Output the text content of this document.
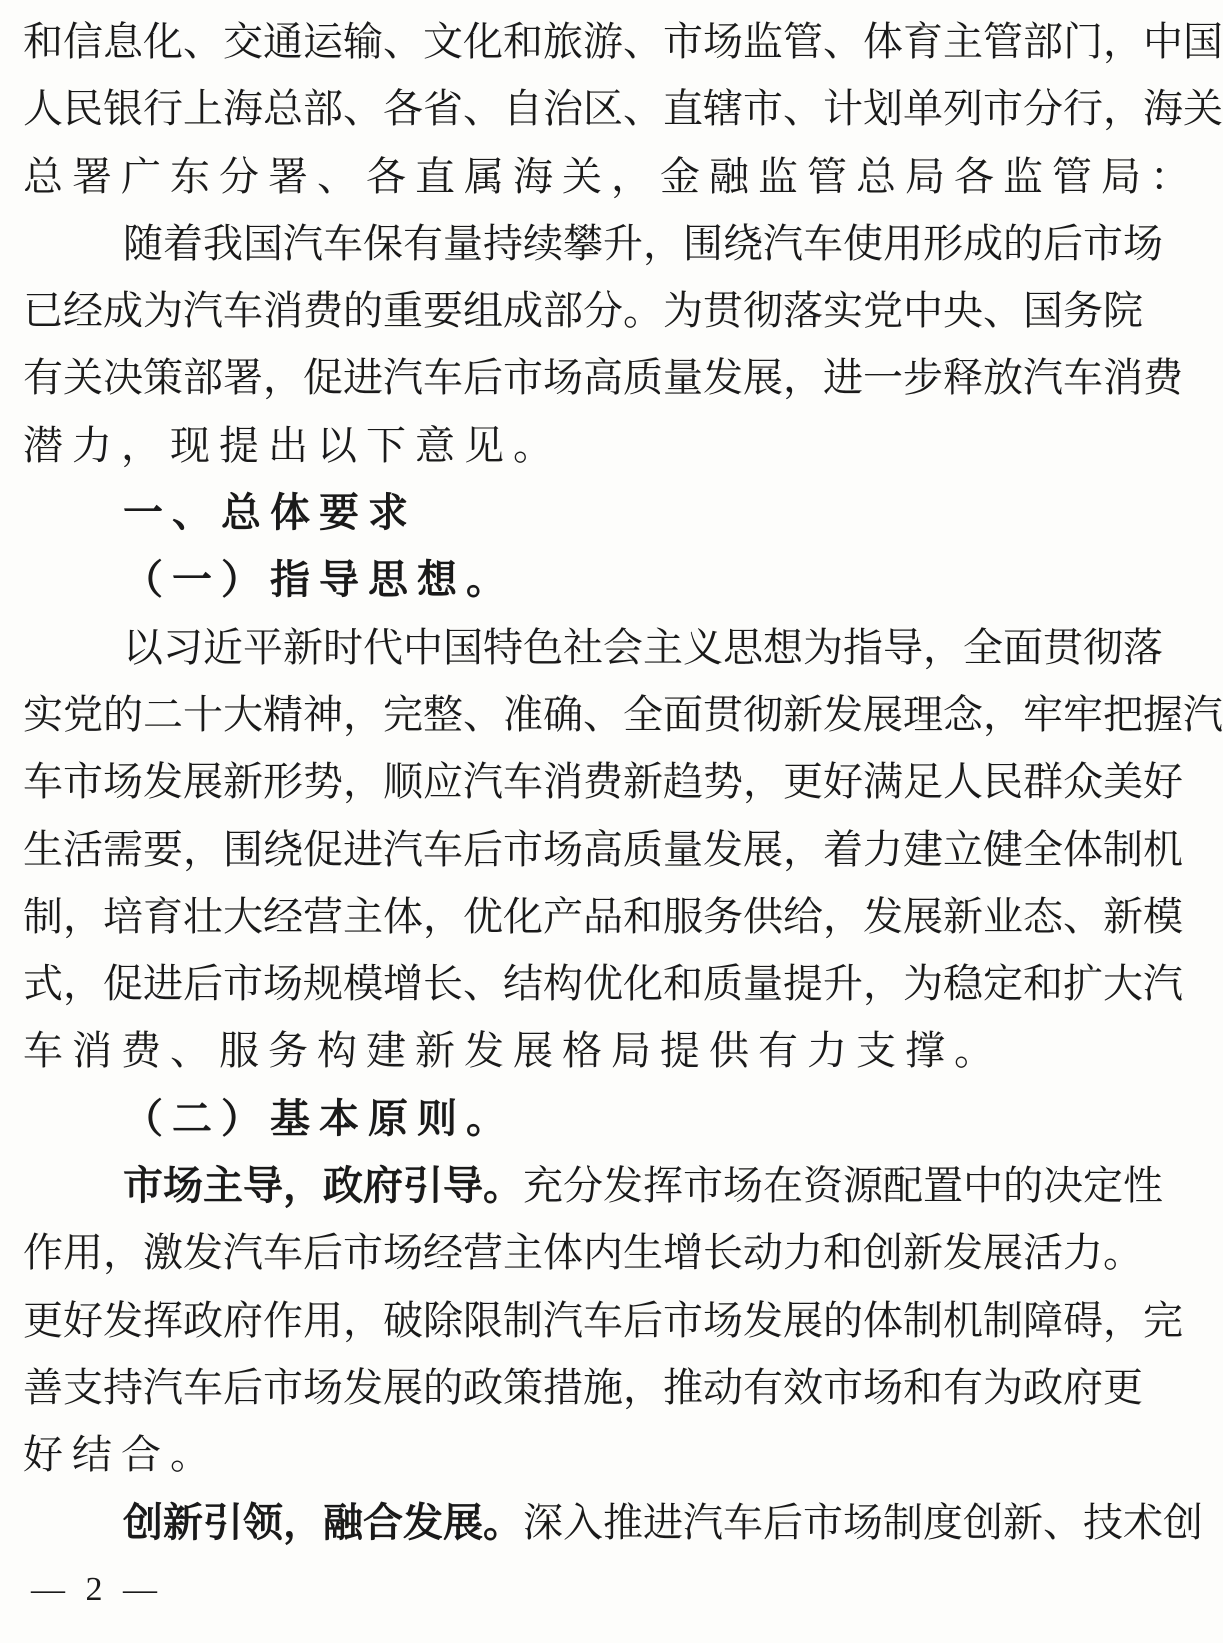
和信息化、交通运输、文化和旅游、市场监管、体育主管部门，中国
人民银行上海总部、各省、自治区、直辖市、计划单列市分行，海关
总署广东分署、各直属海关，金融监管总局各监管局：
随着我国汽车保有量持续攀升，围绕汽车使用形成的后市场
已经成为汽车消费的重要组成部分。为贯彻落实党中央、国务院
有关决策部署，促进汽车后市场高质量发展，进一步释放汽车消费
潜力，现提出以下意见。
一、总体要求
（一）指导思想。
以习近平新时代中国特色社会主义思想为指导，全面贯彻落
实党的二十大精神，完整、准确、全面贯彻新发展理念，牢牢把握汽
车市场发展新形势，顺应汽车消费新趋势，更好满足人民群众美好
生活需要，围绕促进汽车后市场高质量发展，着力建立健全体制机
制，培育壮大经营主体，优化产品和服务供给，发展新业态、新模
式，促进后市场规模增长、结构优化和质量提升，为稳定和扩大汽
车消费、服务构建新发展格局提供有力支撑。
（二）基本原则。
市场主导，政府引导。充分发挥市场在资源配置中的决定性
作用，激发汽车后市场经营主体内生增长动力和创新发展活力。
更好发挥政府作用，破除限制汽车后市场发展的体制机制障碍，完
善支持汽车后市场发展的政策措施，推动有效市场和有为政府更
好结合。
创新引领，融合发展。深入推进汽车后市场制度创新、技术创
— 2 —
